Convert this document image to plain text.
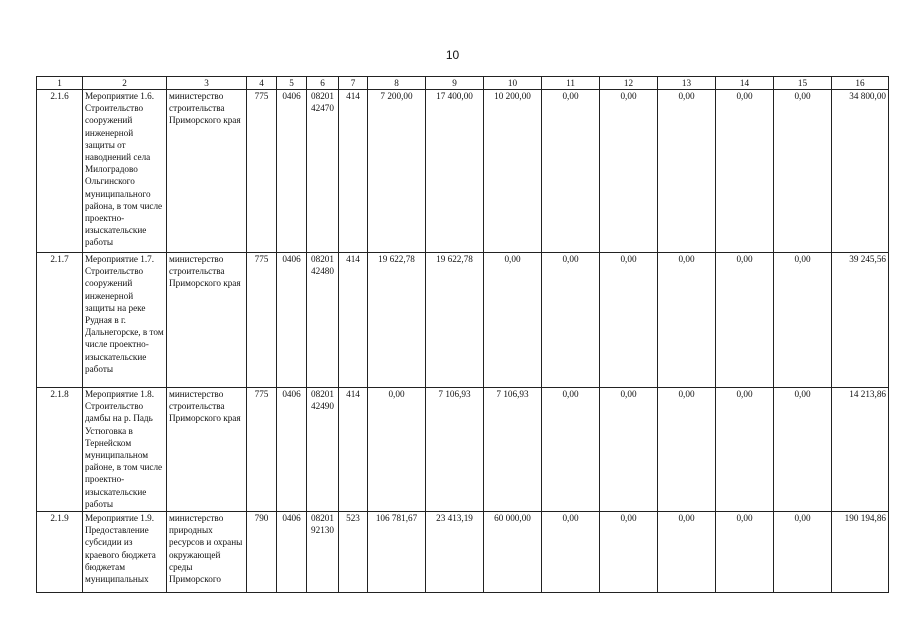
10
1	2	3	4	5	6	7	8	9	10	11	12	13	14	15	16
2.1.6	Мероприятие 1.6. Строительство сооружений инженерной защиты от наводнений села Милоградово Ольгинского муниципального района, в том числе проектно-изыскательские работы	министерство строительства Приморского края	775	0406	08201 42470	414	7 200,00	17 400,00	10 200,00	0,00	0,00	0,00	0,00	0,00	34 800,00
2.1.7	Мероприятие 1.7. Строительство сооружений инженерной защиты на реке Рудная в г. Дальнегорске, в том числе проектно-изыскательские работы	министерство строительства Приморского края	775	0406	08201 42480	414	19 622,78	19 622,78	0,00	0,00	0,00	0,00	0,00	0,00	39 245,56
2.1.8	Мероприятие 1.8. Строительство дамбы на р. Падь Устюговка в Тернейском муниципальном районе, в том числе проектно-изыскательские работы	министерство строительства Приморского края	775	0406	08201 42490	414	0,00	7 106,93	7 106,93	0,00	0,00	0,00	0,00	0,00	14 213,86
2.1.9	Мероприятие 1.9. Предоставление субсидии из краевого бюджета бюджетам муниципальных	министерство природных ресурсов и охраны окружающей среды Приморского	790	0406	08201 92130	523	106 781,67	23 413,19	60 000,00	0,00	0,00	0,00	0,00	0,00	190 194,86
